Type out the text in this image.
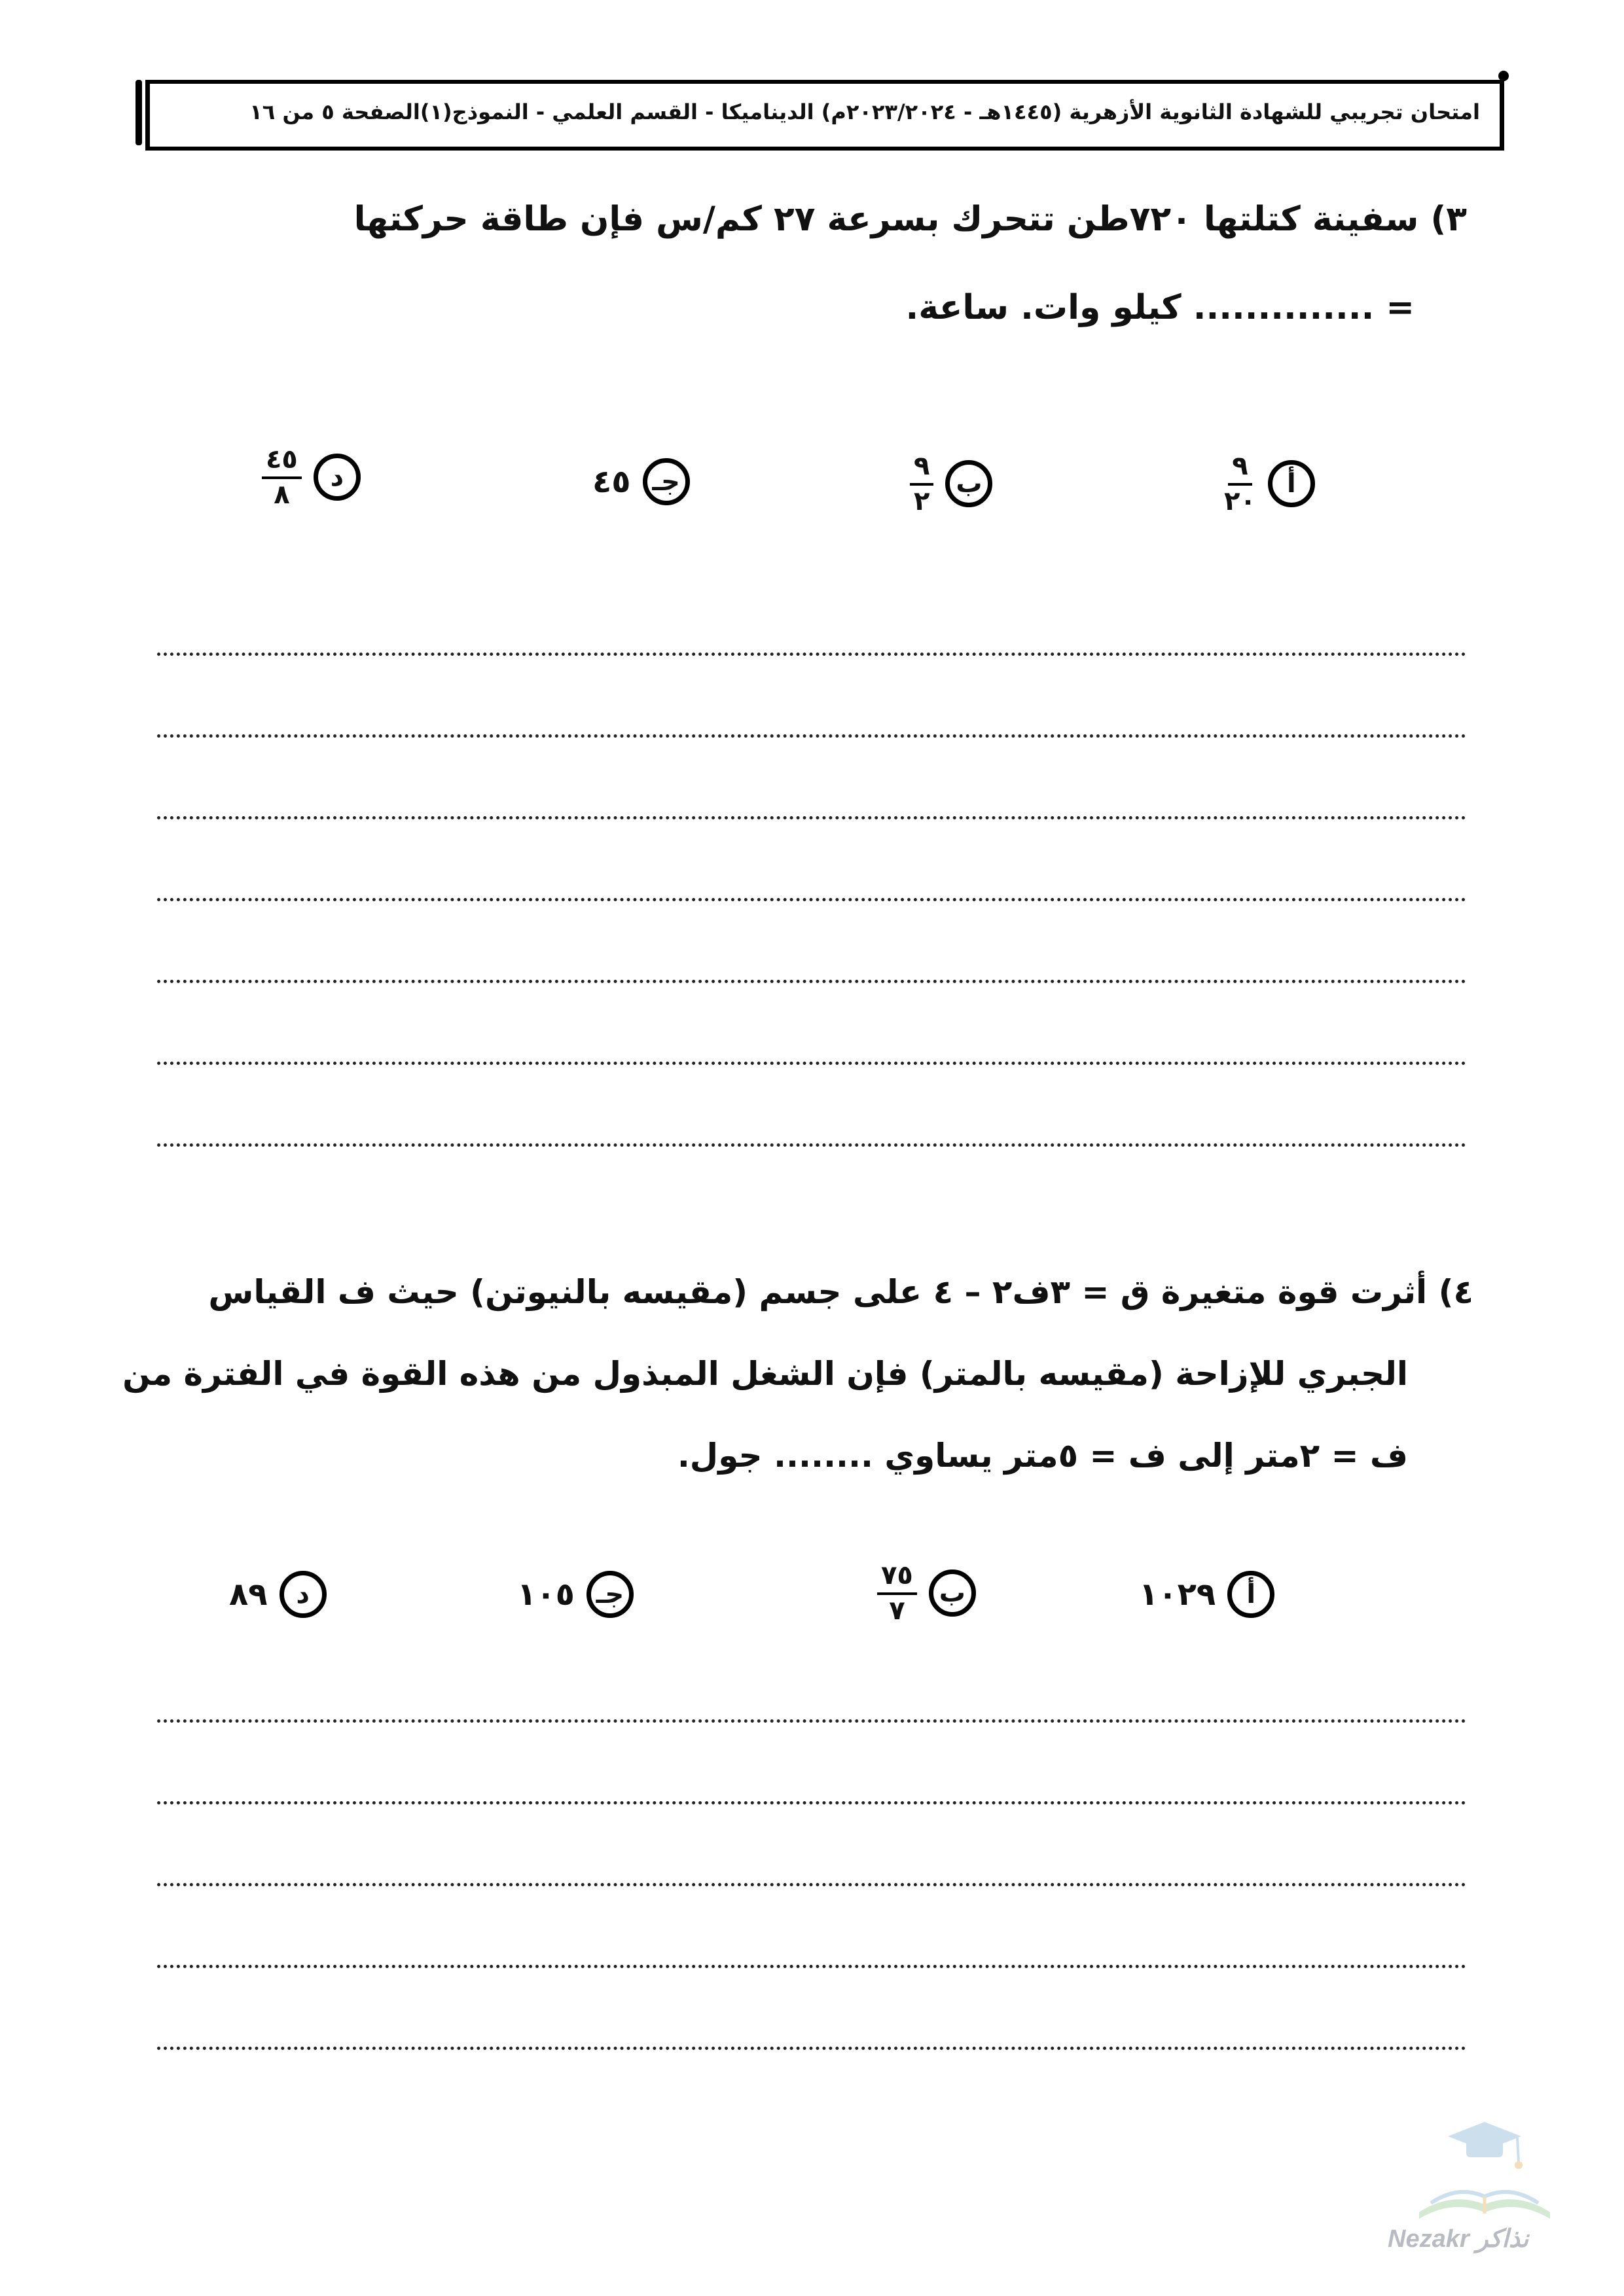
امتحان تجريبي للشهادة الثانوية الأزهرية (١٤٤٥هـ - ٢٠٢٣/٢٠٢٤م) الديناميكا - القسم العلمي - النموذج(١)الصفحة ٥ من ١٦
٣) سفينة كتلتها ٧٢٠طن تتحرك بسرعة ٢٧ كم/س فإن طاقة حركتها
= .............. كيلو وات. ساعة.
أ
$\frac{٩}{٢٠}$
ب
$\frac{٩}{٢}$
جـ
٤٥
د
$\frac{٤٥}{٨}$
٤) أثرت قوة متغيرة ق = ٣ف٢ – ٤ على جسم (مقيسه بالنيوتن) حيث ف القياس
الجبري للإزاحة (مقيسه بالمتر) فإن الشغل المبذول من هذه القوة في الفترة من
ف = ٢متر إلى ف = ٥متر يساوي ........ جول.
أ
١٠٢٩
ب
$\frac{٧٥}{٧}$
جـ
١٠٥
د
٨٩
Nezakr نذاكر
